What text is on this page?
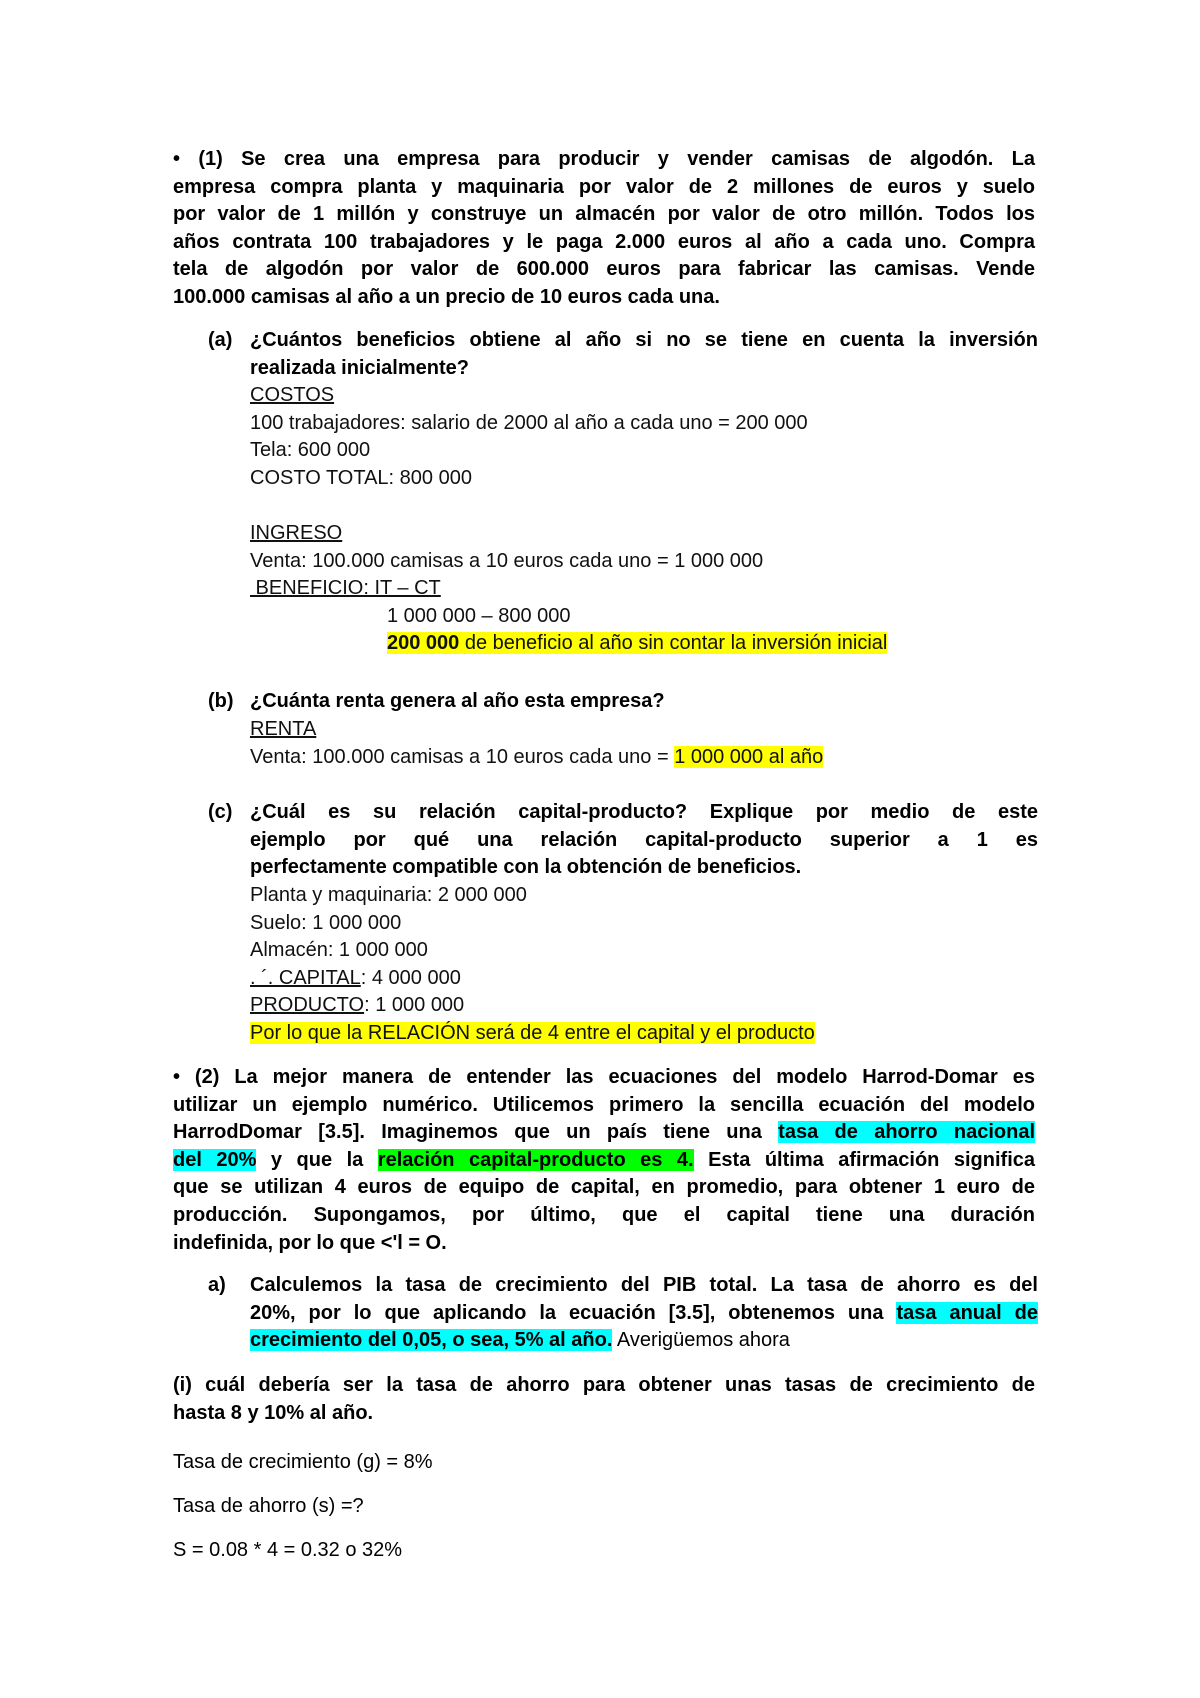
• (1) Se crea una empresa para producir y vender camisas de algodón. La
empresa compra planta y maquinaria por valor de 2 millones de euros y suelo
por valor de 1 millón y construye un almacén por valor de otro millón. Todos los
años contrata 100 trabajadores y le paga 2.000 euros al año a cada uno. Compra
tela de algodón por valor de 600.000 euros para fabricar las camisas. Vende
100.000 camisas al año a un precio de 10 euros cada una.
(a) ¿Cuántos beneficios obtiene al año si no se tiene en cuenta la inversión
realizada inicialmente?
COSTOS
100 trabajadores: salario de 2000 al año a cada uno = 200 000
Tela: 600 000
COSTO TOTAL: 800 000

INGRESO
Venta: 100.000 camisas a 10 euros cada uno = 1 000 000
BENEFICIO: IT – CT
1 000 000 – 800 000
200 000 de beneficio al año sin contar la inversión inicial
(b) ¿Cuánta renta genera al año esta empresa?
RENTA
Venta: 100.000 camisas a 10 euros cada uno = 1 000 000 al año
(c) ¿Cuál es su relación capital-producto? Explique por medio de este
ejemplo por qué una relación capital-producto superior a 1 es
perfectamente compatible con la obtención de beneficios.
Planta y maquinaria: 2 000 000
Suelo: 1 000 000
Almacén: 1 000 000
. ´. CAPITAL: 4 000 000
PRODUCTO: 1 000 000
Por lo que la RELACIÓN será de 4 entre el capital y el producto
• (2) La mejor manera de entender las ecuaciones del modelo Harrod-Domar es
utilizar un ejemplo numérico. Utilicemos primero la sencilla ecuación del modelo
HarrodDomar [3.5]. Imaginemos que un país tiene una tasa de ahorro nacional
del 20% y que la relación capital-producto es 4. Esta última afirmación significa
que se utilizan 4 euros de equipo de capital, en promedio, para obtener 1 euro de
producción. Supongamos, por último, que el capital tiene una duración
indefinida, por lo que <'l = O.
a) Calculemos la tasa de crecimiento del PIB total. La tasa de ahorro es del
20%, por lo que aplicando la ecuación [3.5], obtenemos una tasa anual de
crecimiento del 0,05, o sea, 5% al año. Averigüemos ahora
(i) cuál debería ser la tasa de ahorro para obtener unas tasas de crecimiento de
hasta 8 y 10% al año.
Tasa de crecimiento (g) = 8%
Tasa de ahorro (s) =?
S = 0.08 * 4 = 0.32 o 32%
